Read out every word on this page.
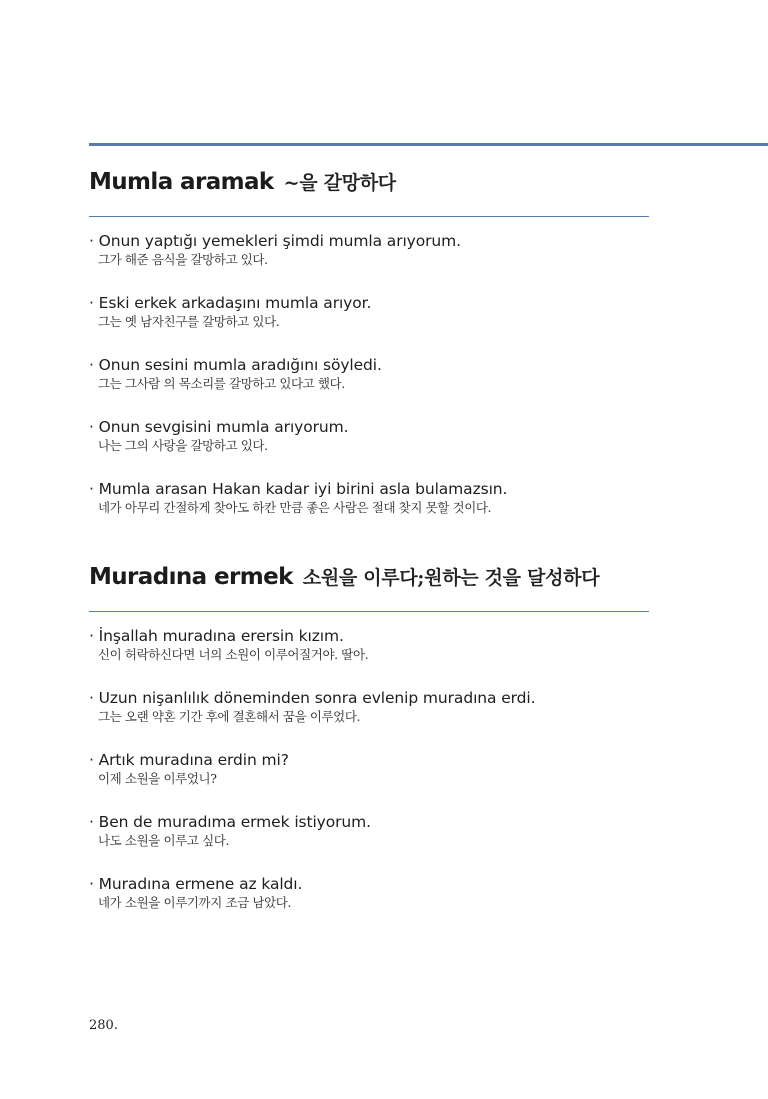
Mumla aramak ~을 갈망하다
· Onun yaptığı yemekleri şimdi mumla arıyorum.
그가 해준 음식을 갈망하고 있다.
· Eski erkek arkadaşını mumla arıyor.
그는 옛 남자친구를 갈망하고 있다.
· Onun sesini mumla aradığını söyledi.
그는 그사람 의 목소리를 갈망하고 있다고 했다.
· Onun sevgisini mumla arıyorum.
나는 그의 사랑을 갈망하고 있다.
· Mumla arasan Hakan kadar iyi birini asla bulamazsın.
네가 아무리 간절하게 찾아도 하칸 만큼 좋은 사람은 절대 찾지 못할 것이다.
Muradına ermek 소원을 이루다;원하는 것을 달성하다
· İnşallah muradına erersin kızım.
신이 허락하신다면 너의 소원이 이루어질거야. 딸아.
· Uzun nişanlılık döneminden sonra evlenip muradına erdi.
그는 오랜 약혼 기간 후에 결혼해서 꿈을 이루었다.
· Artık muradına erdin mi?
이제 소원을 이루었니?
· Ben de muradıma ermek istiyorum.
나도 소원을 이루고 싶다.
· Muradına ermene az kaldı.
네가 소원을 이루기까지 조금 남았다.
280.
